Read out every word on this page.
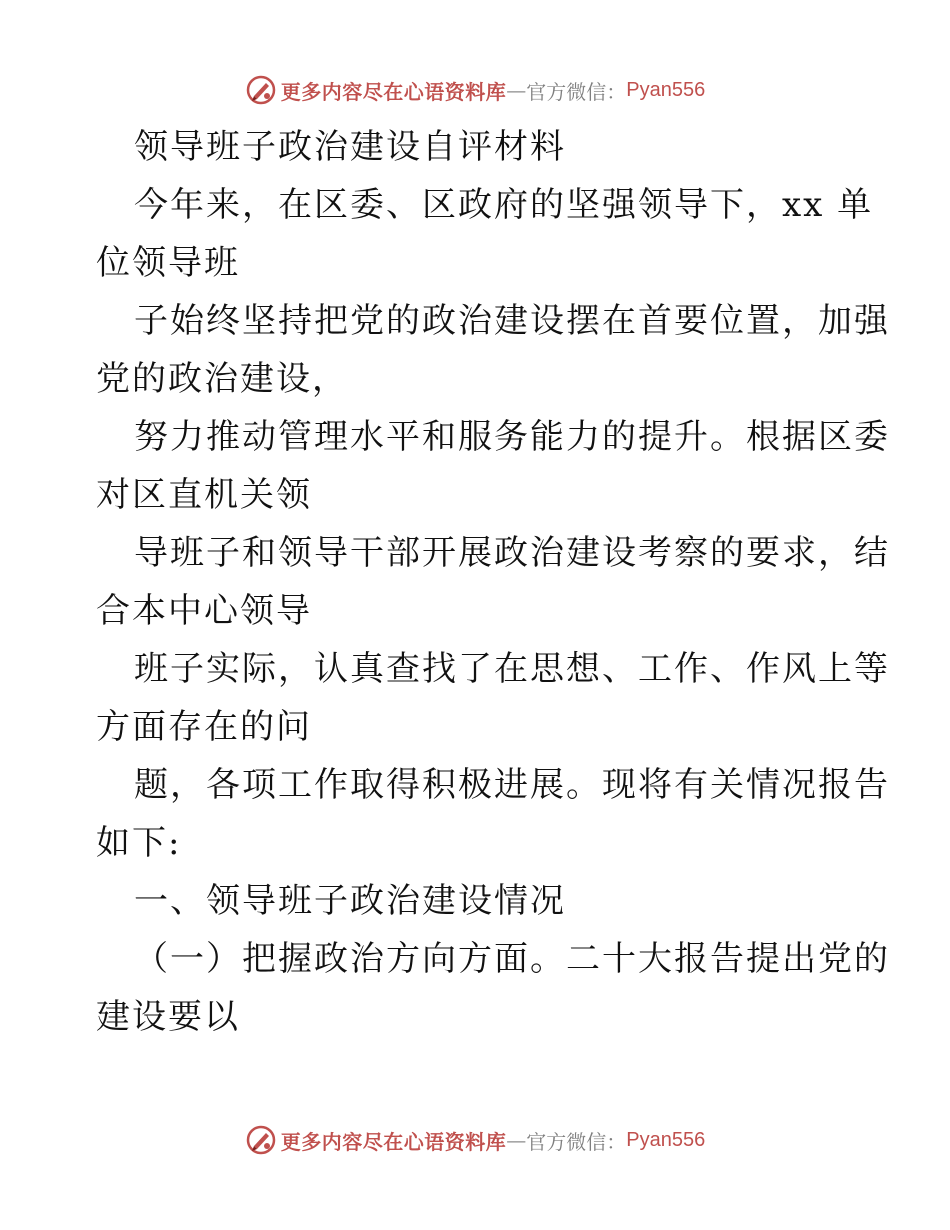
更多内容尽在心语资料库 — 官方微信： Pyan556
领导班子政治建设自评材料
今年来，在区委、区政府的坚强领导下，xx 单
位领导班
子始终坚持把党的政治建设摆在首要位置，加强
党的政治建设，
努力推动管理水平和服务能力的提升。根据区委
对区直机关领
导班子和领导干部开展政治建设考察的要求，结
合本中心领导
班子实际，认真查找了在思想、工作、作风上等
方面存在的问
题，各项工作取得积极进展。现将有关情况报告
如下:
一、领导班子政治建设情况
（一）把握政治方向方面。二十大报告提出党的
建设要以
更多内容尽在心语资料库 — 官方微信： Pyan556
